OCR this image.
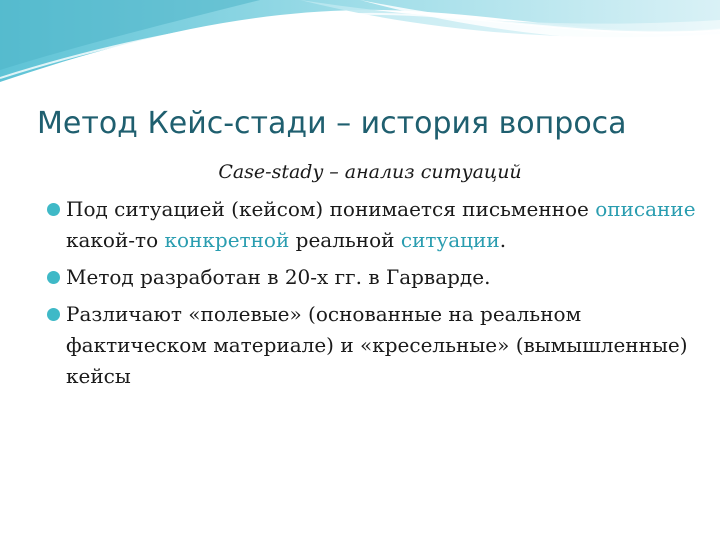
Метод Кейс-стади – история вопроса
Case-stady – анализ ситуаций
Под ситуацией (кейсом) понимается письменное описание какой-то конкретной реальной ситуации.
Метод разработан в 20-х гг. в Гарварде.
Различают «полевые» (основанные на реальном фактическом материале) и «кресельные» (вымышленные) кейсы
